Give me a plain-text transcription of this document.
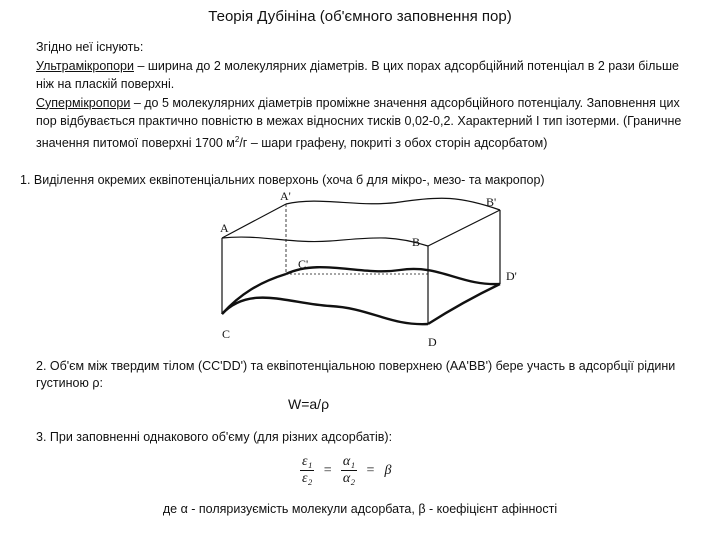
Теорія Дубініна (об'ємного заповнення пор)
Згідно неї існують:
Ультрамікропори – ширина до 2 молекулярних діаметрів. В цих порах адсорбційний потенціал в 2 рази більше ніж на пласкій поверхні.
Супермікропори – до 5 молекулярних діаметрів проміжне значення адсорбційного потенціалу. Заповнення цих пор відбувається практично повністю в межах відносних тисків 0,02-0,2. Характерний І тип ізотерми. (Граничне значення питомої поверхні 1700 $м^2/г$ – шари графену, покриті з обох сторін адсорбатом)
1. Виділення окремих еквіпотенціальних поверхонь (хоча б для мікро-, мезо- та макропор)
A'	B'
A
B
C'
D'
C
D
2. Об'єм між твердим тілом (CC'DD') та еквіпотенціальною поверхнею (AA'BB') бере участь в адсорбції рідини густиною ρ:
W=a/ρ
3. При заповненні однакового об'єму (для різних адсорбатів):
$\frac{\text{ε₁}}{\text{ε₂}} = \frac{\text{α₁}}{\text{α₂}} = \beta$
де α - поляризуємість молекули адсорбата, β - коефіцієнт афінності
